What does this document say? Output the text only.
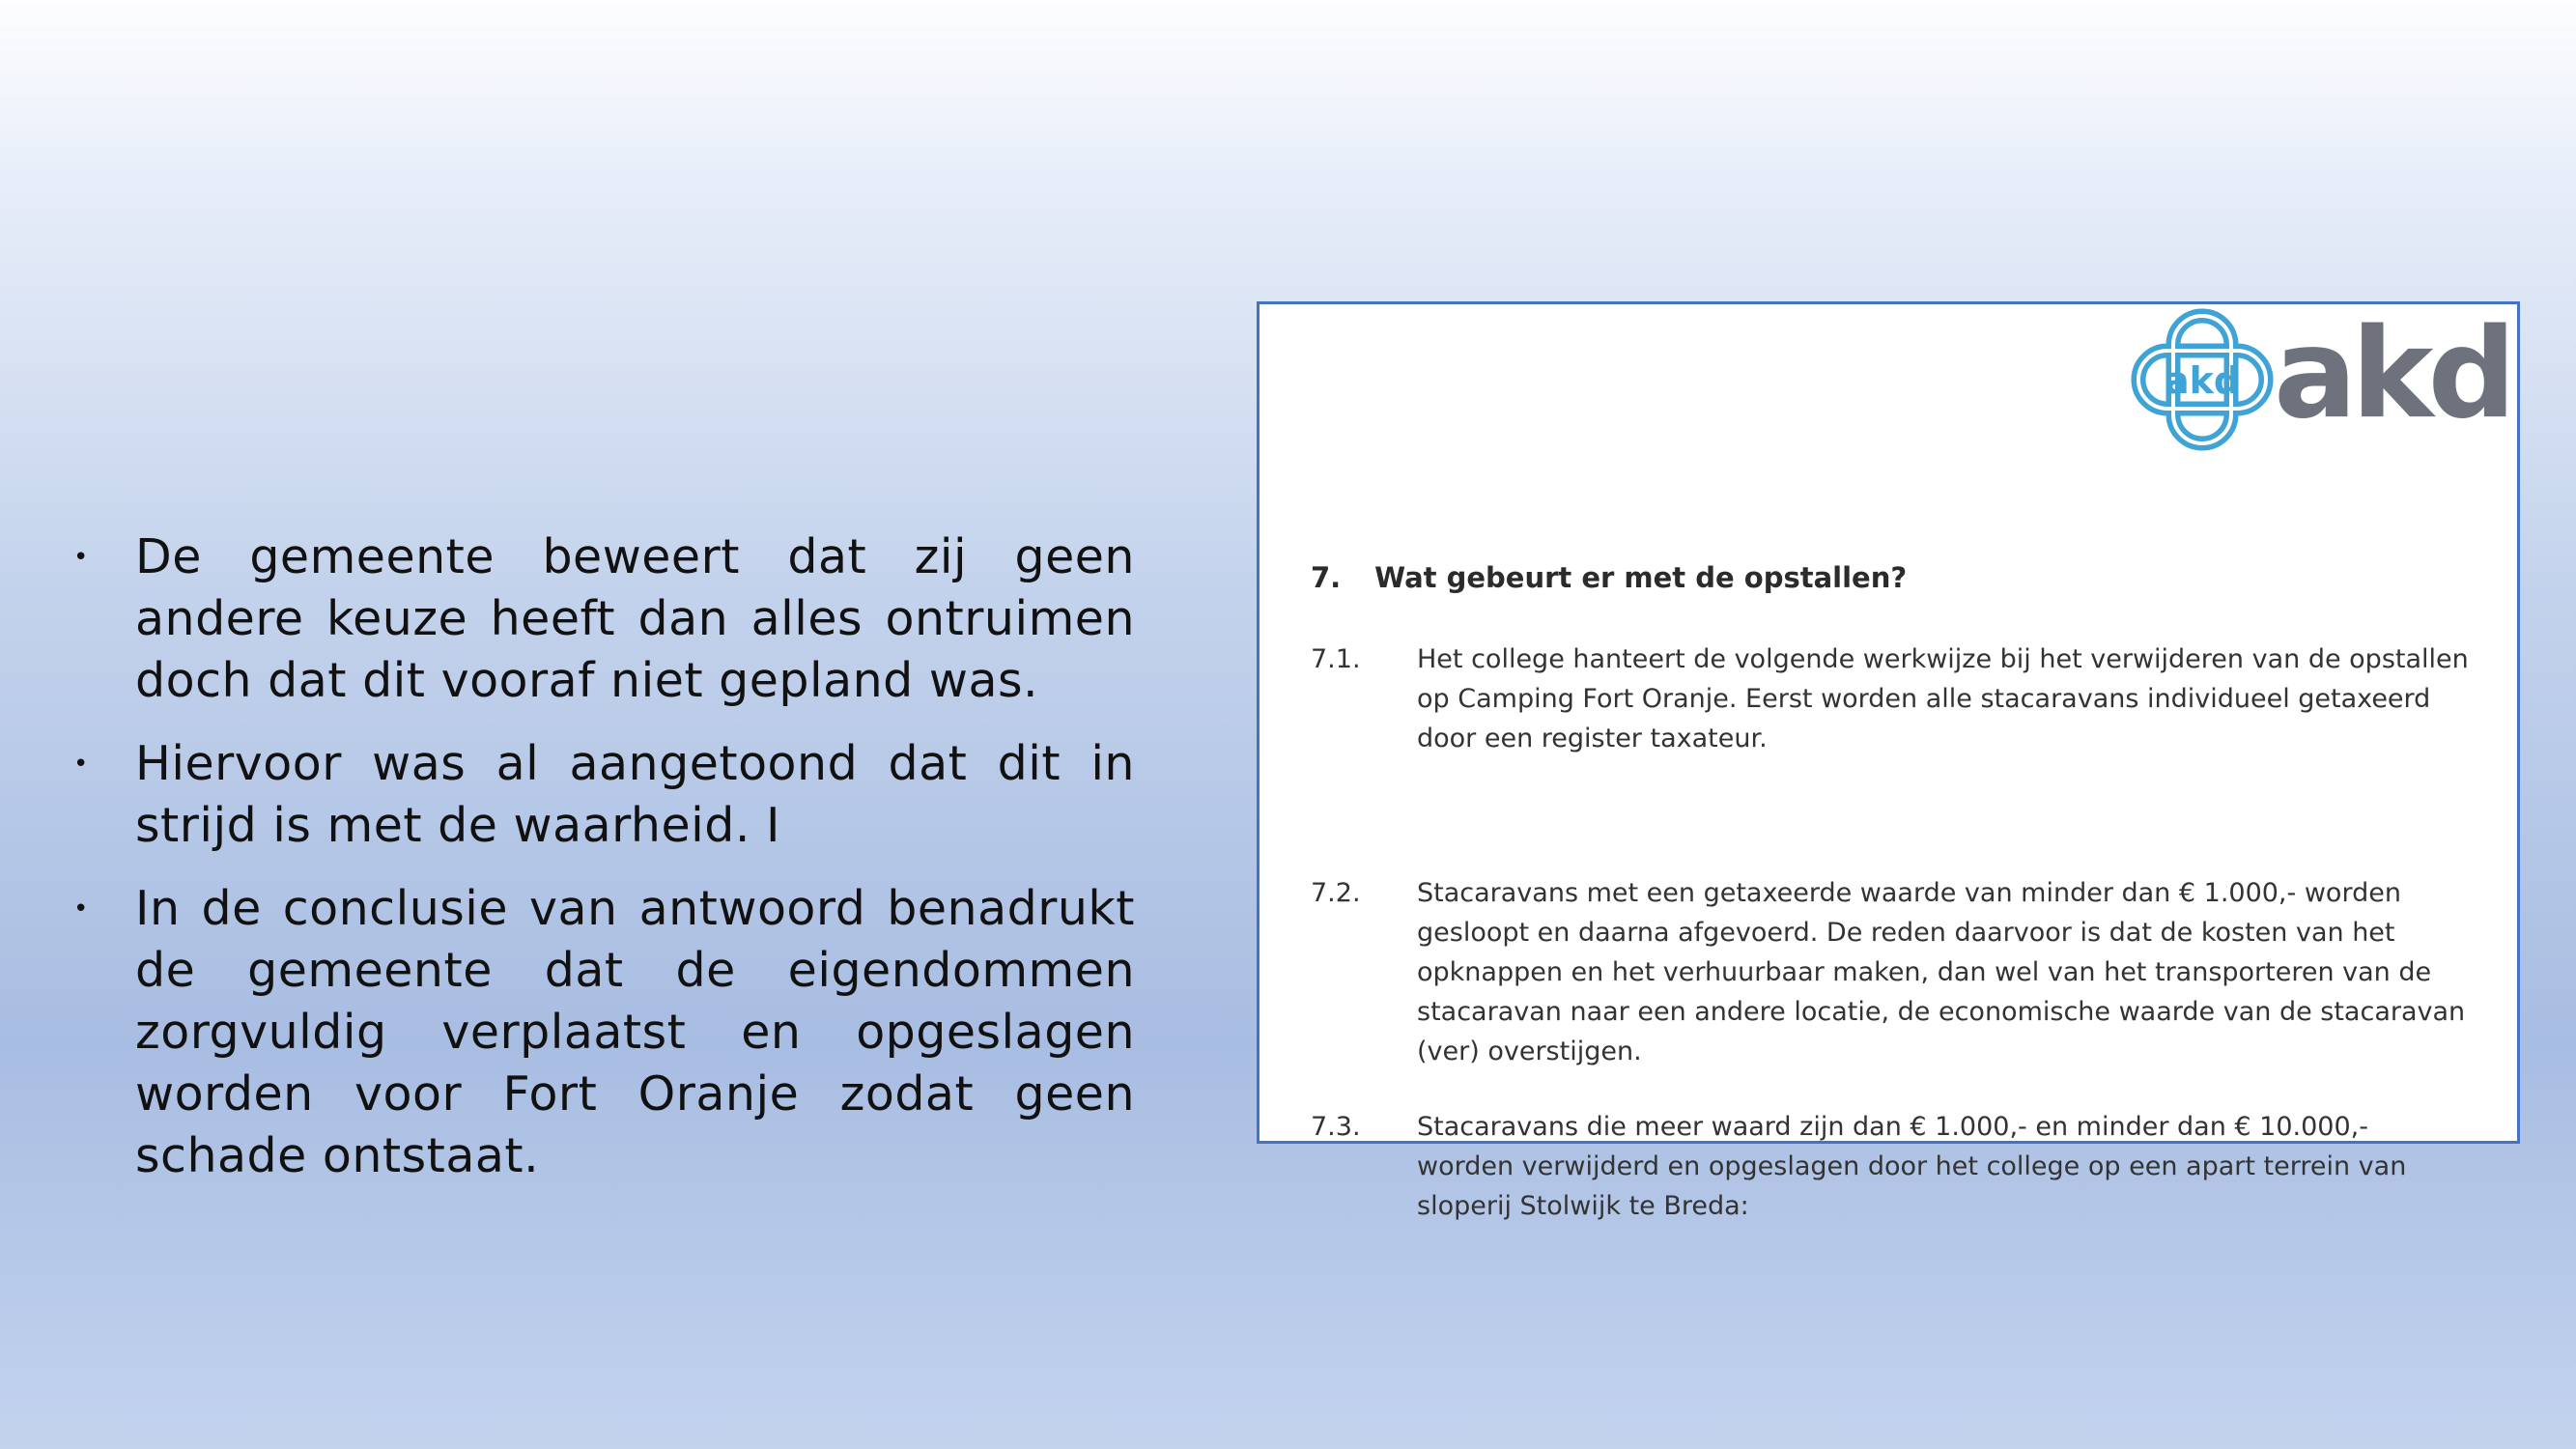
• De gemeente beweert dat zij geen andere keuze heeft dan alles ontruimen doch dat dit vooraf niet gepland was.
• Hiervoor was al aangetoond dat dit in strijd is met de waarheid. I
• In de conclusie van antwoord benadrukt de gemeente dat de eigendommen zorgvuldig verplaatst en opgeslagen worden voor Fort Oranje zodat geen schade ontstaat.
akd akd
7. Wat gebeurt er met de opstallen?
7.1.	Het college hanteert de volgende werkwijze bij het verwijderen van de opstallen
op Camping Fort Oranje. Eerst worden alle stacaravans individueel getaxeerd
door een register taxateur.
7.2.	Stacaravans met een getaxeerde waarde van minder dan € 1.000,- worden
gesloopt en daarna afgevoerd. De reden daarvoor is dat de kosten van het
opknappen en het verhuurbaar maken, dan wel van het transporteren van de
stacaravan naar een andere locatie, de economische waarde van de stacaravan
(ver) overstijgen.
7.3.	Stacaravans die meer waard zijn dan € 1.000,- en minder dan € 10.000,-
worden verwijderd en opgeslagen door het college op een apart terrein van
sloperij Stolwijk te Breda:
